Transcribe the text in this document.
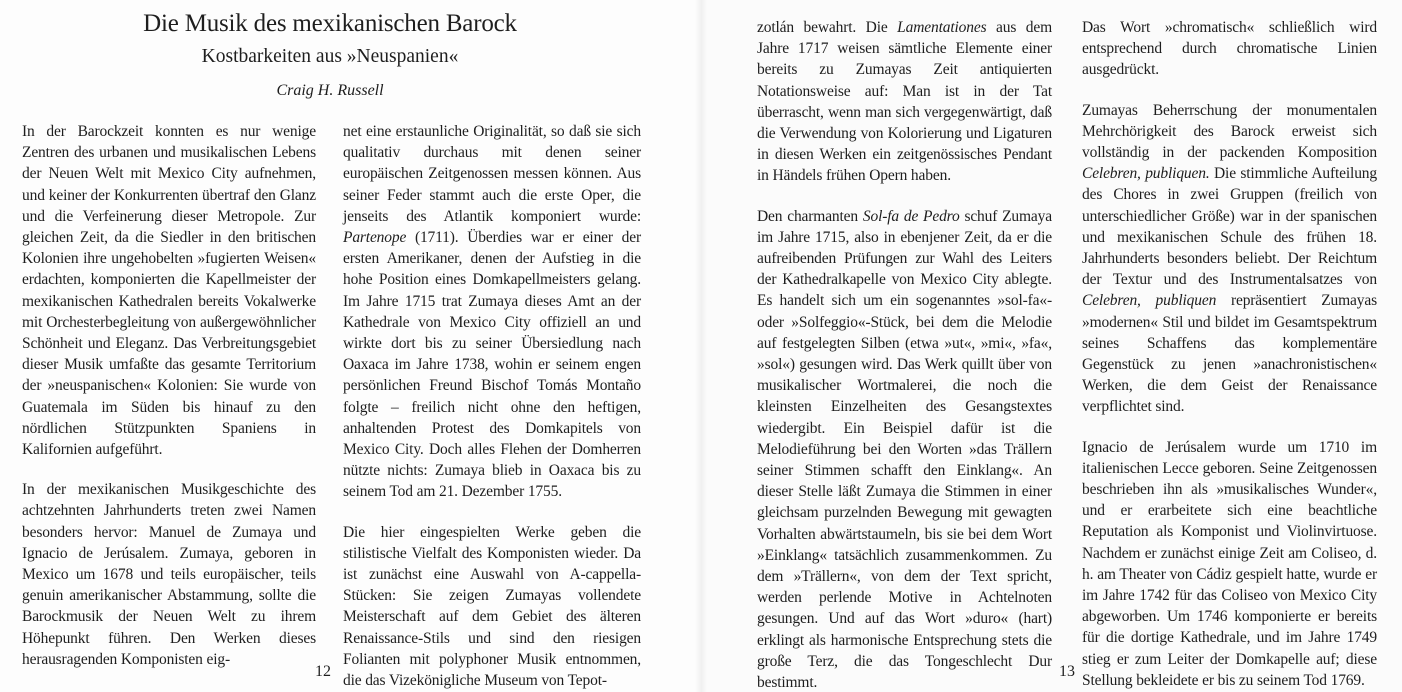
Die Musik des mexikanischen Barock
Kostbarkeiten aus »Neuspanien«
Craig H. Russell

In der Barockzeit konnten es nur wenige Zentren des urbanen und musikalischen Lebens der Neuen Welt mit Mexico City aufnehmen, und keiner der Konkurrenten übertraf den Glanz und die Verfeinerung dieser Metropole. Zur gleichen Zeit, da die Siedler in den britischen Kolonien ihre ungehobelten »fugierten Weisen« erdachten, komponierten die Kapellmeister der mexikanischen Kathedralen bereits Vokalwerke mit Orchesterbegleitung von außergewöhnlicher Schönheit und Eleganz. Das Verbreitungsgebiet dieser Musik umfaßte das gesamte Territorium der »neuspanischen« Kolonien: Sie wurde von Guatemala im Süden bis hinauf zu den nördlichen Stützpunkten Spaniens in Kalifornien aufgeführt.

In der mexikanischen Musikgeschichte des achtzehnten Jahrhunderts treten zwei Namen besonders hervor: Manuel de Zumaya und Ignacio de Jerúsalem. Zumaya, geboren in Mexico um 1678 und teils europäischer, teils genuin amerikanischer Abstammung, sollte die Barockmusik der Neuen Welt zu ihrem Höhepunkt führen. Den Werken dieses herausragenden Komponisten eig-

net eine erstaunliche Originalität, so daß sie sich qualitativ durchaus mit denen seiner europäischen Zeitgenossen messen können. Aus seiner Feder stammt auch die erste Oper, die jenseits des Atlantik komponiert wurde: Partenope (1711). Überdies war er einer der ersten Amerikaner, denen der Aufstieg in die hohe Position eines Domkapellmeisters gelang. Im Jahre 1715 trat Zumaya dieses Amt an der Kathedrale von Mexico City offiziell an und wirkte dort bis zu seiner Übersiedlung nach Oaxaca im Jahre 1738, wohin er seinem engen persönlichen Freund Bischof Tomás Montaño folgte – freilich nicht ohne den heftigen, anhaltenden Protest des Domkapitels von Mexico City. Doch alles Flehen der Domherren nützte nichts: Zumaya blieb in Oaxaca bis zu seinem Tod am 21. Dezember 1755.

Die hier eingespielten Werke geben die stilistische Vielfalt des Komponisten wieder. Da ist zunächst eine Auswahl von A-cappella-Stücken: Sie zeigen Zumayas vollendete Meisterschaft auf dem Gebiet des älteren Renaissance-Stils und sind den riesigen Folianten mit polyphoner Musik entnommen, die das Vizekönigliche Museum von Tepot-

12

zotlán bewahrt. Die Lamentationes aus dem Jahre 1717 weisen sämtliche Elemente einer bereits zu Zumayas Zeit antiquierten Notationsweise auf: Man ist in der Tat überrascht, wenn man sich vergegenwärtigt, daß die Verwendung von Kolorierung und Ligaturen in diesen Werken ein zeitgenössisches Pendant in Händels frühen Opern haben.

Den charmanten Sol-fa de Pedro schuf Zumaya im Jahre 1715, also in ebenjener Zeit, da er die aufreibenden Prüfungen zur Wahl des Leiters der Kathedralkapelle von Mexico City ablegte. Es handelt sich um ein sogenanntes »sol-fa«- oder »Solfeggio«-Stück, bei dem die Melodie auf festgelegten Silben (etwa »ut«, »mi«, »fa«, »sol«) gesungen wird. Das Werk quillt über von musikalischer Wortmalerei, die noch die kleinsten Einzelheiten des Gesangstextes wiedergibt. Ein Beispiel dafür ist die Melodieführung bei den Worten »das Trällern seiner Stimmen schafft den Einklang«. An dieser Stelle läßt Zumaya die Stimmen in einer gleichsam purzelnden Bewegung mit gewagten Vorhalten abwärtstaumeln, bis sie bei dem Wort »Einklang« tatsächlich zusammenkommen. Zu dem »Trällern«, von dem der Text spricht, werden perlende Motive in Achtelnoten gesungen. Und auf das Wort »duro« (hart) erklingt als harmonische Entsprechung stets die große Terz, die das Tongeschlecht Dur bestimmt.

Das Wort »chromatisch« schließlich wird entsprechend durch chromatische Linien ausgedrückt.

Zumayas Beherrschung der monumentalen Mehrchörigkeit des Barock erweist sich vollständig in der packenden Komposition Celebren, publiquen. Die stimmliche Aufteilung des Chores in zwei Gruppen (freilich von unterschiedlicher Größe) war in der spanischen und mexikanischen Schule des frühen 18. Jahrhunderts besonders beliebt. Der Reichtum der Textur und des Instrumentalsatzes von Celebren, publiquen repräsentiert Zumayas »modernen« Stil und bildet im Gesamtspektrum seines Schaffens das komplementäre Gegenstück zu jenen »anachronistischen« Werken, die dem Geist der Renaissance verpflichtet sind.

Ignacio de Jerúsalem wurde um 1710 im italienischen Lecce geboren. Seine Zeitgenossen beschrieben ihn als »musikalisches Wunder«, und er erarbeitete sich eine beachtliche Reputation als Komponist und Violinvirtuose. Nachdem er zunächst einige Zeit am Coliseo, d. h. am Theater von Cádiz gespielt hatte, wurde er im Jahre 1742 für das Coliseo von Mexico City abgeworben. Um 1746 komponierte er bereits für die dortige Kathedrale, und im Jahre 1749 stieg er zum Leiter der Domkapelle auf; diese Stellung bekleidete er bis zu seinem Tod 1769.

13
